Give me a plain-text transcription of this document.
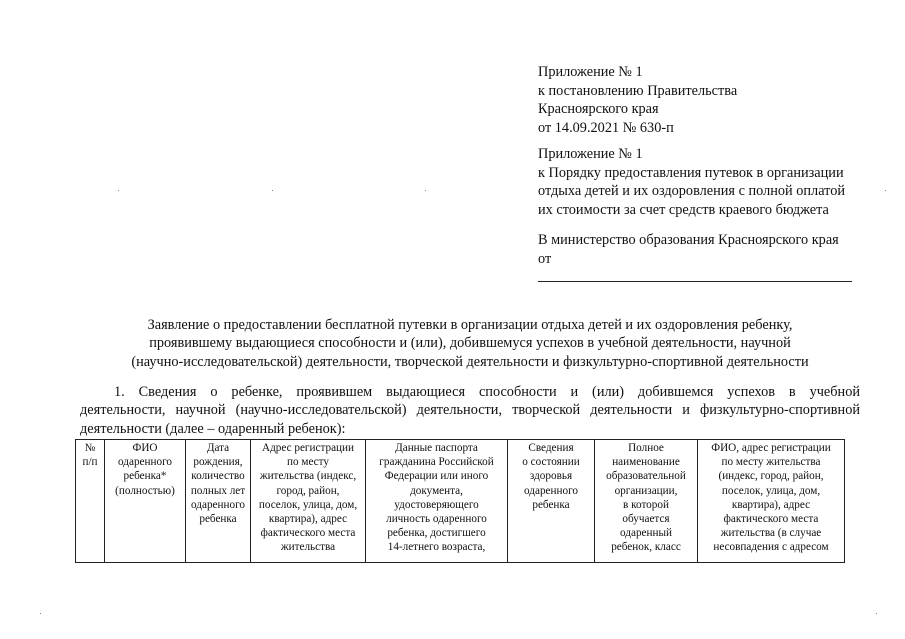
Приложение № 1
к постановлению Правительства
Красноярского края
от 14.09.2021 № 630-п
Приложение № 1
к Порядку предоставления путевок в организации
отдыха детей и их оздоровления с полной оплатой
их стоимости за счет средств краевого бюджета
В министерство образования Красноярского края
от
Заявление о предоставлении бесплатной путевки в организации отдыха детей и их оздоровления ребенку,
проявившему выдающиеся способности и (или), добившемуся успехов в учебной деятельности, научной
(научно-исследовательской) деятельности, творческой деятельности и физкультурно-спортивной деятельности
1. Сведения о ребенке, проявившем выдающиеся способности и (или) добившемся успехов в учебной
деятельности, научной (научно-исследовательской) деятельности, творческой деятельности и физкультурно-спортивной
деятельности (далее – одаренный ребенок):
№
п/п	ФИО
одаренного
ребенка*
(полностью)	Дата
рождения,
количество
полных лет
одаренного
ребенка	Адрес регистрации
по месту
жительства (индекс,
город, район,
поселок, улица, дом,
квартира), адрес
фактического места
жительства	Данные паспорта
гражданина Российской
Федерации или иного
документа,
удостоверяющего
личность одаренного
ребенка, достигшего
14-летнего возраста,	Сведения
о состоянии
здоровья
одаренного
ребенка	Полное
наименование
образовательной
организации,
в которой
обучается
одаренный
ребенок, класс	ФИО, адрес регистрации
по месту жительства
(индекс, город, район,
поселок, улица, дом,
квартира), адрес
фактического места
жительства (в случае
несовпадения с адресом
